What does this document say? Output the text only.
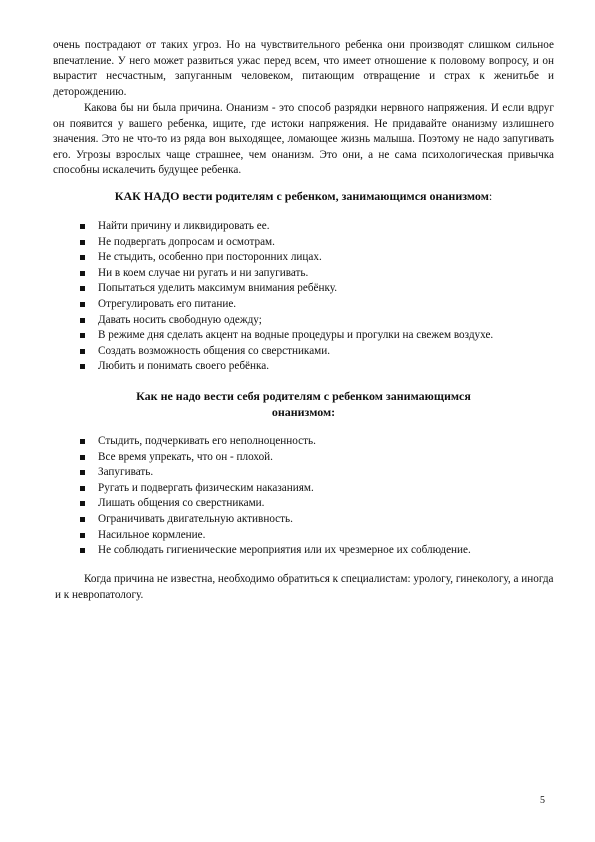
очень пострадают от таких угроз. Но на чувствительного ребенка они производят слишком сильное впечатление. У него может развиться ужас перед всем, что имеет отношение к половому вопросу, и он вырастит несчастным, запуганным человеком, питающим отвращение и страх к женитьбе и деторождению.

Какова бы ни была причина. Онанизм - это способ разрядки нервного напряжения. И если вдруг он появится у вашего ребенка, ищите, где истоки напряжения. Не придавайте онанизму излишнего значения. Это не что-то из ряда вон выходящее, ломающее жизнь малыша. Поэтому не надо запугивать его. Угрозы взрослых чаще страшнее, чем онанизм. Это они, а не сама психологическая привычка способны искалечить будущее ребенка.

КАК НАДО вести родителям с ребенком, занимающимся онанизмом:
Найти причину и ликвидировать ее.
Не подвергать допросам и осмотрам.
Не стыдить, особенно при посторонних лицах.
Ни в коем случае ни ругать и ни запугивать.
Попытаться уделить максимум внимания ребёнку.
Отрегулировать его питание.
Давать носить свободную одежду;
В режиме дня сделать акцент на водные процедуры и прогулки на свежем воздухе.
Создать возможность общения со сверстниками.
Любить и понимать своего ребёнка.
Как не надо вести себя родителям с ребенком занимающимся
онанизмом:
Стыдить, подчеркивать его неполноценность.
Все время упрекать, что он - плохой.
Запугивать.
Ругать и подвергать физическим наказаниям.
Лишать общения со сверстниками.
Ограничивать двигательную активность.
Насильное кормление.
Не соблюдать гигиенические мероприятия или их чрезмерное их соблюдение.

Когда причина не известна, необходимо обратиться к специалистам: урологу, гинекологу, а иногда и к невропатологу.

5
